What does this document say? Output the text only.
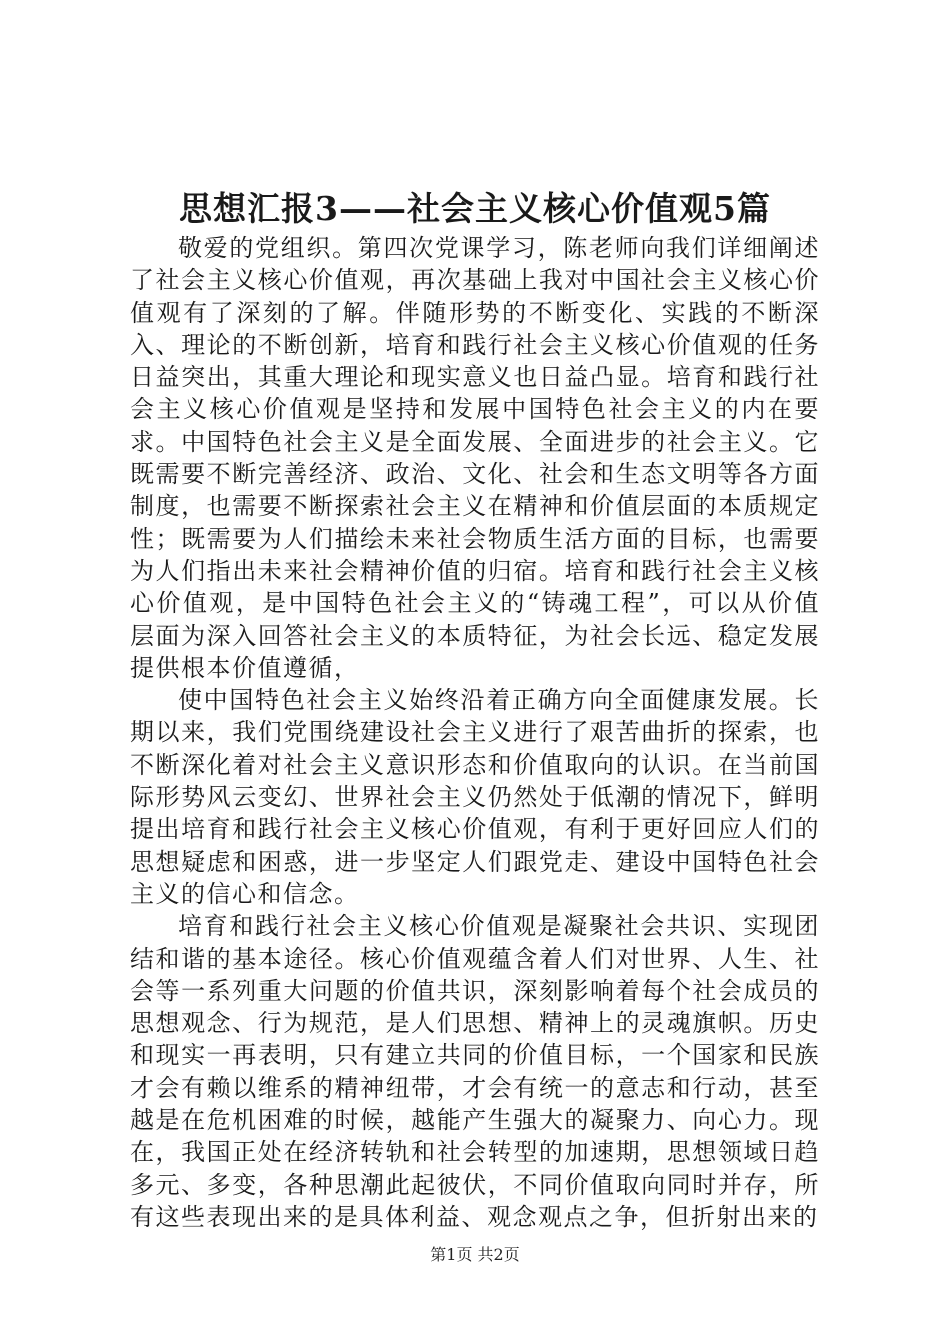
思想汇报3——社会主义核心价值观5篇

敬爱的党组织。第四次党课学习，陈老师向我们详细阐述了社会主义核心价值观，再次基础上我对中国社会主义核心价值观有了深刻的了解。伴随形势的不断变化、实践的不断深入、理论的不断创新，培育和践行社会主义核心价值观的任务日益突出，其重大理论和现实意义也日益凸显。培育和践行社会主义核心价值观是坚持和发展中国特色社会主义的内在要求。中国特色社会主义是全面发展、全面进步的社会主义。它既需要不断完善经济、政治、文化、社会和生态文明等各方面制度，也需要不断探索社会主义在精神和价值层面的本质规定性；既需要为人们描绘未来社会物质生活方面的目标，也需要为人们指出未来社会精神价值的归宿。培育和践行社会主义核心价值观，是中国特色社会主义的“铸魂工程”，可以从价值层面为深入回答社会主义的本质特征，为社会长远、稳定发展提供根本价值遵循，

使中国特色社会主义始终沿着正确方向全面健康发展。长期以来，我们党围绕建设社会主义进行了艰苦曲折的探索，也不断深化着对社会主义意识形态和价值取向的认识。在当前国际形势风云变幻、世界社会主义仍然处于低潮的情况下，鲜明提出培育和践行社会主义核心价值观，有利于更好回应人们的思想疑虑和困惑，进一步坚定人们跟党走、建设中国特色社会主义的信心和信念。

培育和践行社会主义核心价值观是凝聚社会共识、实现团结和谐的基本途径。核心价值观蕴含着人们对世界、人生、社会等一系列重大问题的价值共识，深刻影响着每个社会成员的思想观念、行为规范，是人们思想、精神上的灵魂旗帜。历史和现实一再表明，只有建立共同的价值目标，一个国家和民族才会有赖以维系的精神纽带，才会有统一的意志和行动，甚至越是在危机困难的时候，越能产生强大的凝聚力、向心力。现在，我国正处在经济转轨和社会转型的加速期，思想领域日趋多元、多变，各种思潮此起彼伏，不同价值取向同时并存，所有这些表现出来的是具体利益、观念观点之争，但折射出来的

第1页 共2页
